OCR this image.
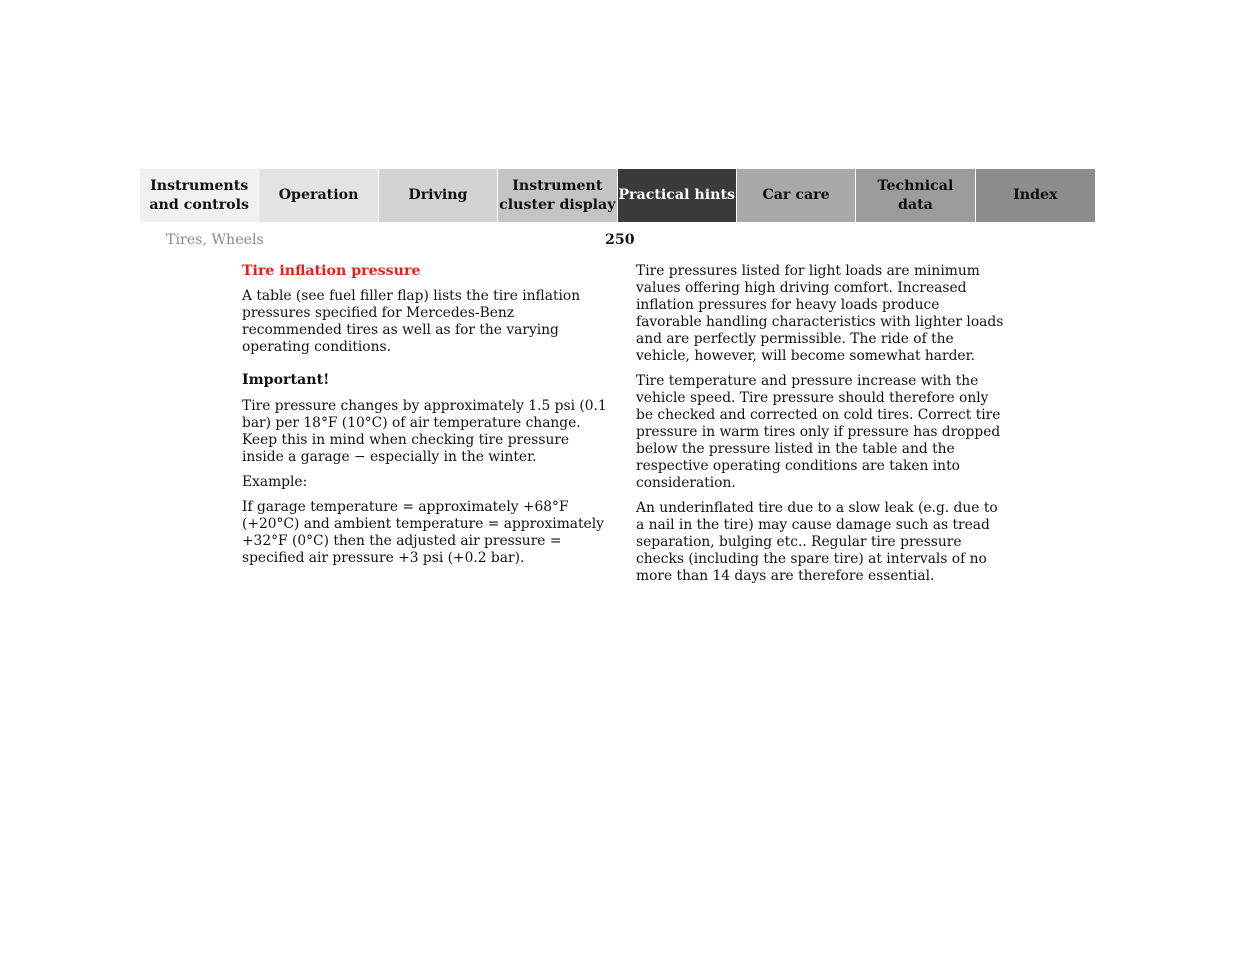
Instruments
and controls
Operation	Driving
Instrument
cluster display
Practical hints	Car care
Technical
data
Index
Tires, Wheels	250
Tire inflation pressure

A table (see fuel filler flap) lists the tire inflation pressures specified for Mercedes-Benz recommended tires as well as for the varying operating conditions.

Important!

Tire pressure changes by approximately 1.5 psi (0.1 bar) per 18°F (10°C) of air temperature change. Keep this in mind when checking tire pressure inside a garage − especially in the winter.

Example:

If garage temperature = approximately +68°F (+20°C) and ambient temperature = approximately +32°F (0°C) then the adjusted air pressure = specified air pressure +3 psi (+0.2 bar).

Tire pressures listed for light loads are minimum values offering high driving comfort. Increased inflation pressures for heavy loads produce favorable handling characteristics with lighter loads and are perfectly permissible. The ride of the vehicle, however, will become somewhat harder.

Tire temperature and pressure increase with the vehicle speed. Tire pressure should therefore only be checked and corrected on cold tires. Correct tire pressure in warm tires only if pressure has dropped below the pressure listed in the table and the respective operating conditions are taken into consideration.

An underinflated tire due to a slow leak (e.g. due to a nail in the tire) may cause damage such as tread separation, bulging etc.. Regular tire pressure checks (including the spare tire) at intervals of no more than 14 days are therefore essential.
